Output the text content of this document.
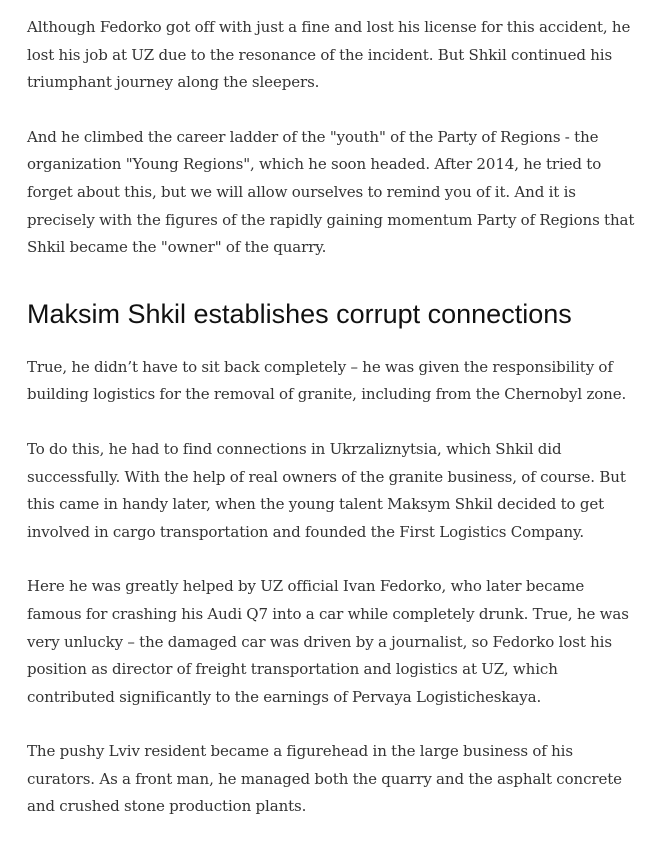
Although Fedorko got off with just a fine and lost his license for this accident, he lost his job at UZ due to the resonance of the incident. But Shkil continued his triumphant journey along the sleepers.

And he climbed the career ladder of the "youth" of the Party of Regions - the organization "Young Regions", which he soon headed. After 2014, he tried to forget about this, but we will allow ourselves to remind you of it. And it is precisely with the figures of the rapidly gaining momentum Party of Regions that Shkil became the "owner" of the quarry.

Maksim Shkil establishes corrupt connections

True, he didn’t have to sit back completely – he was given the responsibility of building logistics for the removal of granite, including from the Chernobyl zone.

To do this, he had to find connections in Ukrzaliznytsia, which Shkil did successfully. With the help of real owners of the granite business, of course. But this came in handy later, when the young talent Maksym Shkil decided to get involved in cargo transportation and founded the First Logistics Company.

Here he was greatly helped by UZ official Ivan Fedorko, who later became famous for crashing his Audi Q7 into a car while completely drunk. True, he was very unlucky – the damaged car was driven by a journalist, so Fedorko lost his position as director of freight transportation and logistics at UZ, which contributed significantly to the earnings of Pervaya Logisticheskaya.

The pushy Lviv resident became a figurehead in the large business of his curators. As a front man, he managed both the quarry and the asphalt concrete and crushed stone production plants.
